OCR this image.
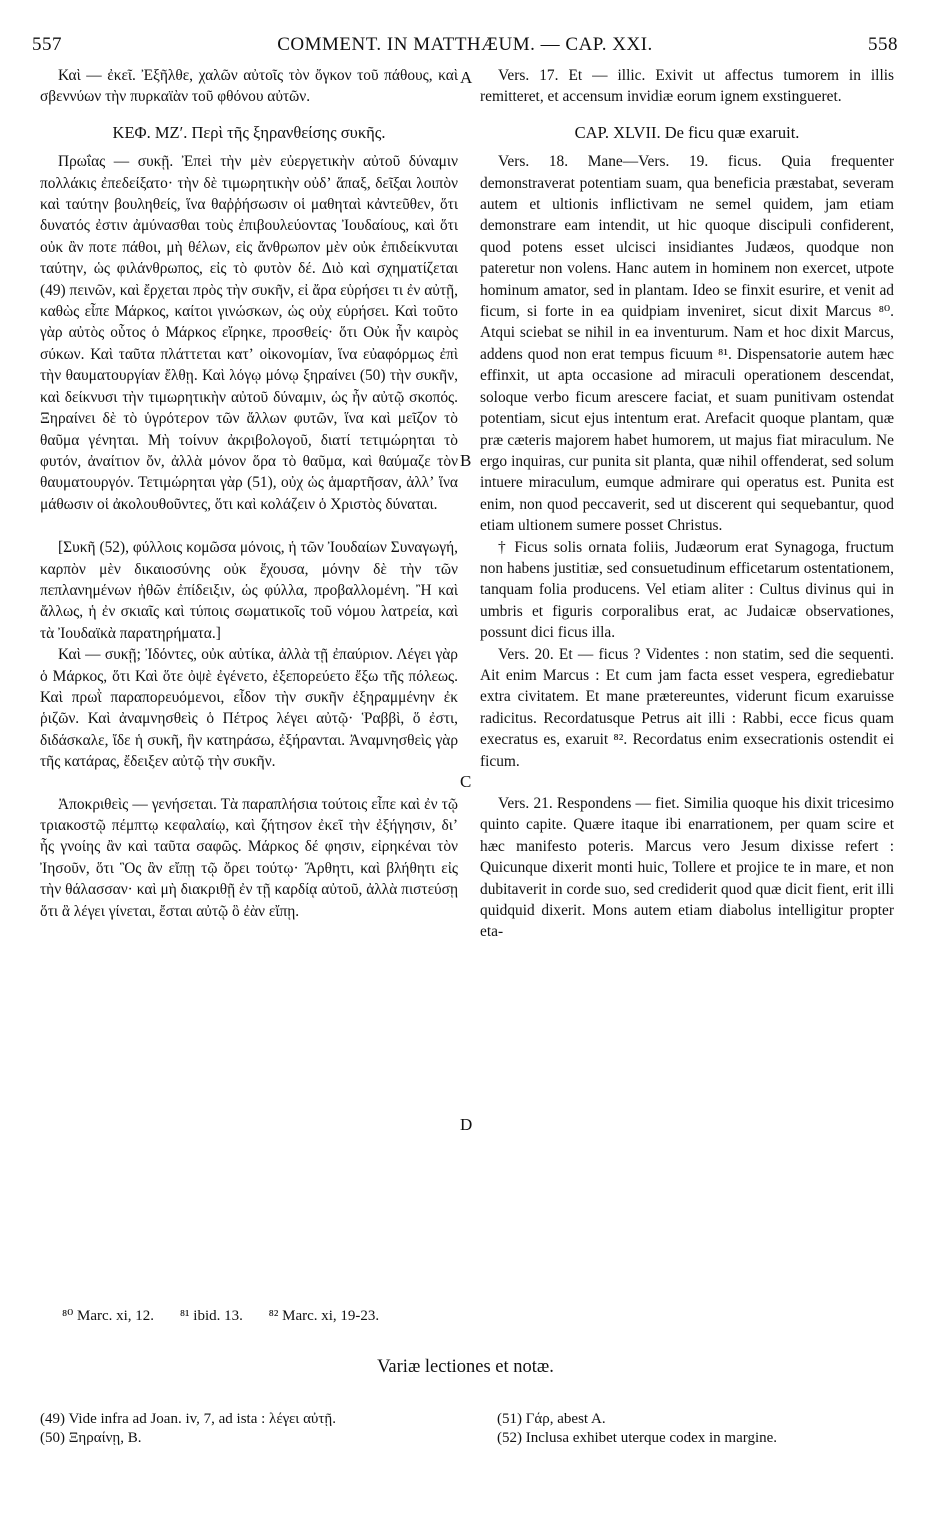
557	COMMENT. IN MATTHÆUM. — CAP. XXI.	558
A
B
C
D

Καὶ — ἐκεῖ. Ἐξῆλθε, χαλῶν αὐτοῖς τὸν ὄγκον τοῦ πάθους, καὶ σβεννύων τὴν πυρκαϊὰν τοῦ φθόνου αὐτῶν.

ΚΕΦ. ΜΖʹ. Περὶ τῆς ξηρανθείσης συκῆς.

Πρωΐας — συκῇ. Ἐπεὶ τὴν μὲν εὐεργετικὴν αὐτοῦ δύναμιν πολλάκις ἐπεδείξατο· τὴν δὲ τιμωρητικὴν οὐδʼ ἅπαξ, δεῖξαι λοιπὸν καὶ ταύτην βουληθείς, ἵνα θαῤῥήσωσιν οἱ μαθηταὶ κἀντεῦθεν, ὅτι δυνατός ἐστιν ἀμύνασθαι τοὺς ἐπιβουλεύοντας Ἰουδαίους, καὶ ὅτι οὐκ ἂν ποτε πάθοι, μὴ θέλων, εἰς ἄνθρωπον μὲν οὐκ ἐπιδείκνυται ταύτην, ὡς φιλάνθρωπος, εἰς τὸ φυτὸν δέ. Διὸ καὶ σχηματίζεται (49) πεινῶν, καὶ ἔρχεται πρὸς τὴν συκῆν, εἰ ἄρα εὑρήσει τι ἐν αὐτῇ, καθὼς εἶπε Μάρκος, καίτοι γινώσκων, ὡς οὐχ εὑρήσει. Καὶ τοῦτο γὰρ αὐτὸς οὗτος ὁ Μάρκος εἴρηκε, προσθείς· ὅτι Οὐκ ἦν καιρὸς σύκων. Καὶ ταῦτα πλάττεται κατʼ οἰκονομίαν, ἵνα εὐαφόρμως ἐπὶ τὴν θαυματουργίαν ἔλθῃ. Καὶ λόγῳ μόνῳ ξηραίνει (50) τὴν συκῆν, καὶ δείκνυσι τὴν τιμωρητικὴν αὐτοῦ δύναμιν, ὡς ἦν αὐτῷ σκοπός. Ξηραίνει δὲ τὸ ὑγρότερον τῶν ἄλλων φυτῶν, ἵνα καὶ μεῖζον τὸ θαῦμα γένηται. Μὴ τοίνυν ἀκριβολογοῦ, διατί τετιμώρηται τὸ φυτόν, ἀναίτιον ὄν, ἀλλὰ μόνον ὅρα τὸ θαῦμα, καὶ θαύμαζε τὸν θαυματουργόν. Τετιμώρηται γὰρ (51), οὐχ ὡς ἁμαρτῆσαν, ἀλλʼ ἵνα μάθωσιν οἱ ἀκολουθοῦντες, ὅτι καὶ κολάζειν ὁ Χριστὸς δύναται.

[Συκῆ (52), φύλλοις κομῶσα μόνοις, ἡ τῶν Ἰουδαίων Συναγωγή, καρπὸν μὲν δικαιοσύνης οὐκ ἔχουσα, μόνην δὲ τὴν τῶν πεπλανημένων ἠθῶν ἐπίδειξιν, ὡς φύλλα, προβαλλομένη. Ἢ καὶ ἄλλως, ἡ ἐν σκιαῖς καὶ τύποις σωματικοῖς τοῦ νόμου λατρεία, καὶ τὰ Ἰουδαϊκὰ παρατηρήματα.]

Καὶ — συκῇ; Ἰδόντες, οὐκ αὐτίκα, ἀλλὰ τῇ ἐπαύριον. Λέγει γὰρ ὁ Μάρκος, ὅτι Καὶ ὅτε ὀψὲ ἐγένετο, ἐξεπορεύετο ἔξω τῆς πόλεως. Καὶ πρωῒ παραπορευόμενοι, εἶδον τὴν συκῆν ἐξηραμμένην ἐκ ῥιζῶν. Καὶ ἀναμνησθεὶς ὁ Πέτρος λέγει αὐτῷ· Ῥαββὶ, ὅ ἐστι, διδάσκαλε, ἴδε ἡ συκῆ, ἣν κατηράσω, ἐξήρανται. Ἀναμνησθεὶς γὰρ τῆς κατάρας, ἔδειξεν αὐτῷ τὴν συκῆν.

Ἀποκριθεὶς — γενήσεται. Τὰ παραπλήσια τούτοις εἶπε καὶ ἐν τῷ τριακοστῷ πέμπτῳ κεφαλαίῳ, καὶ ζήτησον ἐκεῖ τὴν ἐξήγησιν, διʼ ἧς γνοίης ἂν καὶ ταῦτα σαφῶς. Μάρκος δέ φησιν, εἰρηκέναι τὸν Ἰησοῦν, ὅτι Ὃς ἂν εἴπῃ τῷ ὄρει τούτῳ· Ἄρθητι, καὶ βλήθητι εἰς τὴν θάλασσαν· καὶ μὴ διακριθῇ ἐν τῇ καρδίᾳ αὐτοῦ, ἀλλὰ πιστεύσῃ ὅτι ἃ λέγει γίνεται, ἔσται αὐτῷ ὃ ἐὰν εἴπῃ.

Vers. 17. Et — illic. Exivit ut affectus tumorem in illis remitteret, et accensum invidiæ eorum ignem exstingueret.

CAP. XLVII. De ficu quæ exaruit.

Vers. 18. Mane—Vers. 19. ficus. Quia frequenter demonstraverat potentiam suam, qua beneficia præstabat, severam autem et ultionis inflictivam ne semel quidem, jam etiam demonstrare eam intendit, ut hic quoque discipuli confiderent, quod potens esset ulcisci insidiantes Judæos, quodque non pateretur non volens. Hanc autem in hominem non exercet, utpote hominum amator, sed in plantam. Ideo se finxit esurire, et venit ad ficum, si forte in ea quidpiam inveniret, sicut dixit Marcus ⁸⁰. Atqui sciebat se nihil in ea inventurum. Nam et hoc dixit Marcus, addens quod non erat tempus ficuum ⁸¹. Dispensatorie autem hæc effinxit, ut apta occasione ad miraculi operationem descendat, soloque verbo ficum arescere faciat, et suam punitivam ostendat potentiam, sicut ejus intentum erat. Arefacit quoque plantam, quæ præ cæteris majorem habet humorem, ut majus fiat miraculum. Ne ergo inquiras, cur punita sit planta, quæ nihil offenderat, sed solum intuere miraculum, eumque admirare qui operatus est. Punita est enim, non quod peccaverit, sed ut discerent qui sequebantur, quod etiam ultionem sumere posset Christus.

† Ficus solis ornata foliis, Judæorum erat Synagoga, fructum non habens justitiæ, sed consuetudinum efficetarum ostentationem, tanquam folia producens. Vel etiam aliter : Cultus divinus qui in umbris et figuris corporalibus erat, ac Judaicæ observationes, possunt dici ficus illa.

Vers. 20. Et — ficus ? Videntes : non statim, sed die sequenti. Ait enim Marcus : Et cum jam facta esset vespera, egrediebatur extra civitatem. Et mane prætereuntes, viderunt ficum exaruisse radicitus. Recordatusque Petrus ait illi : Rabbi, ecce ficus quam execratus es, exaruit ⁸². Recordatus enim exsecrationis ostendit ei ficum.

Vers. 21. Respondens — fiet. Similia quoque his dixit tricesimo quinto capite. Quære itaque ibi enarrationem, per quam scire et hæc manifesto poteris. Marcus vero Jesum dixisse refert : Quicunque dixerit monti huic, Tollere et projice te in mare, et non dubitaverit in corde suo, sed crediderit quod quæ dicit fient, erit illi quidquid dixerit. Mons autem etiam diabolus intelligitur propter eta-

⁸⁰ Marc. xi, 12. ⁸¹ ibid. 13. ⁸² Marc. xi, 19-23.
Variæ lectiones et notæ.

(49) Vide infra ad Joan. iv, 7, ad ista : λέγει αὐτῇ.

(50) Ξηραίνῃ, B.

(51) Γάρ, abest A.

(52) Inclusa exhibet uterque codex in margine.
